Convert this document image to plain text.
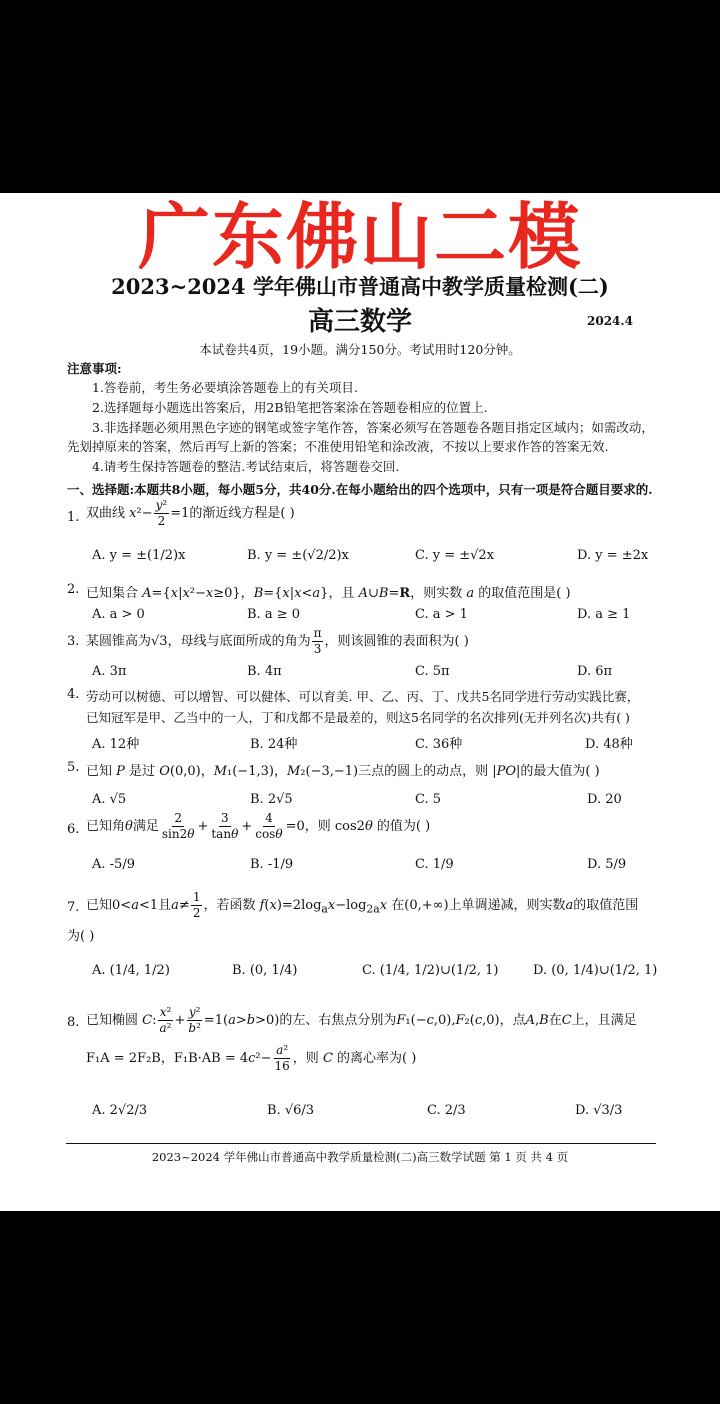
广东佛山二模
2023~2024 学年佛山市普通高中教学质量检测(二)
高三数学	2024.4
本试卷共4页，19小题。满分150分。考试用时120分钟。
注意事项:
1.答卷前，考生务必要填涂答题卷上的有关项目.
2.选择题每小题选出答案后，用2B铅笔把答案涂在答题卷相应的位置上.
3.非选择题必须用黑色字迹的钢笔或签字笔作答，答案必须写在答题卷各题目指定区域内；如需改动，
先划掉原来的答案，然后再写上新的答案；不准使用铅笔和涂改液，不按以上要求作答的答案无效.
4.请考生保持答题卷的整洁.考试结束后，将答题卷交回.
一、选择题:本题共8小题，每小题5分，共40分.在每小题给出的四个选项中，只有一项是符合题目要求的.
1. 双曲线 $x^2- \frac{\text{y²}}{2} =1$的渐近线方程是( )
A. y = ±(1/2)x	B. y = ±(√2/2)x	C. y = ±√2x	D. y = ±2x
2. 已知集合 A={x|x²−x≥0}，B={x|x<a}，且 A∪B=R，则实数 a 的取值范围是( )
A. a > 0	B. a ≥ 0	C. a > 1	D. a ≥ 1
3. 某圆锥高为√3，母线与底面所成的角为 $\frac{\pi}{3}$ ，则该圆锥的表面积为( )
A. 3π	B. 4π	C. 5π	D. 6π
4. 劳动可以树德、可以增智、可以健体、可以育美. 甲、乙、丙、丁、戊共5名同学进行劳动实践比赛，
已知冠军是甲、乙当中的一人，丁和戊都不是最差的，则这5名同学的名次排列(无并列名次)共有( )
A. 12种	B. 24种	C. 36种	D. 48种
5. 已知 P 是过 O(0,0)，M₁(−1,3)，M₂(−3,−1)三点的圆上的动点，则 |PO|的最大值为( )
A. √5	B. 2√5	C. 5	D. 20
6. 已知角θ满足 $\frac{2}{\sin 2\theta} + \frac{3}{\tan\theta} + \frac{4}{\cos\theta} =0$，则 cos2θ 的值为( )
A. -5/9	B. -1/9	C. 1/9	D. 5/9
7. 已知0<a<1且$a\ne \frac{1}{2}$ ，若函数 $f(x)=2\log_ax-\log_{2a}x$ 在(0,+∞)上单调递减，则实数a的取值范围
为( )
A. (1/4, 1/2)	B. (0, 1/4)	C. (1/4, 1/2)∪(1/2, 1)	D. (0, 1/4)∪(1/2, 1)
8. 已知椭圆 C: $\frac{\text{x²}}{\text{a²}} + \frac{\text{y²}}{\text{b²}} =1(a>b>0)$的左、右焦点分别为F₁(−c,0),F₂(c,0)，点A,B在C上，且满足
F₁A = 2F₂B，$F_1B\cdot AB = 4c^2- \frac{\text{a²}}{16}$ ，则 C 的离心率为( )
A. 2√2/3	B. √6/3	C. 2/3	D. √3/3
2023~2024 学年佛山市普通高中教学质量检测(二)高三数学试题 第 1 页 共 4 页
